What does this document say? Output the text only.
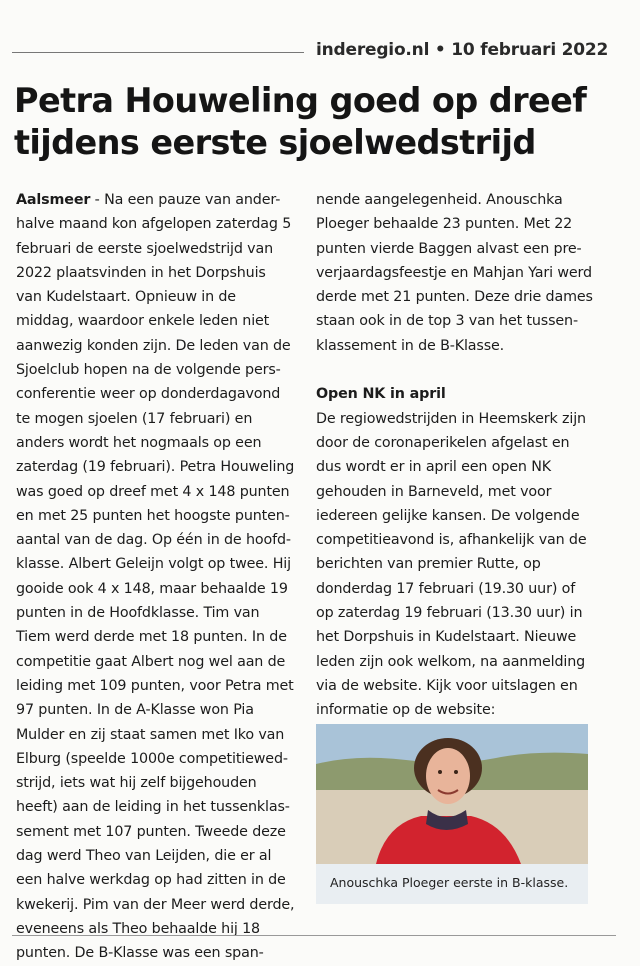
inderegio.nl • 10 februari 2022
Petra Houweling goed op dreef
tijdens eerste sjoelwedstrijd
Aalsmeer - Na een pauze van ander-
halve maand kon afgelopen zaterdag 5
februari de eerste sjoelwedstrijd van
2022 plaatsvinden in het Dorpshuis
van Kudelstaart. Opnieuw in de
middag, waardoor enkele leden niet
aanwezig konden zijn. De leden van de
Sjoelclub hopen na de volgende pers-
conferentie weer op donderdagavond
te mogen sjoelen (17 februari) en
anders wordt het nogmaals op een
zaterdag (19 februari). Petra Houweling
was goed op dreef met 4 x 148 punten
en met 25 punten het hoogste punten-
aantal van de dag. Op één in de hoofd-
klasse. Albert Geleijn volgt op twee. Hij
gooide ook 4 x 148, maar behaalde 19
punten in de Hoofdklasse. Tim van
Tiem werd derde met 18 punten. In de
competitie gaat Albert nog wel aan de
leiding met 109 punten, voor Petra met
97 punten. In de A-Klasse won Pia
Mulder en zij staat samen met Iko van
Elburg (speelde 1000e competitiewed-
strijd, iets wat hij zelf bijgehouden
heeft) aan de leiding in het tussenklas-
sement met 107 punten. Tweede deze
dag werd Theo van Leijden, die er al
een halve werkdag op had zitten in de
kwekerij. Pim van der Meer werd derde,
eveneens als Theo behaalde hij 18
punten. De B-Klasse was een span-
nende aangelegenheid. Anouschka
Ploeger behaalde 23 punten. Met 22
punten vierde Baggen alvast een pre-
verjaardagsfeestje en Mahjan Yari werd
derde met 21 punten. Deze drie dames
staan ook in de top 3 van het tussen-
klassement in de B-Klasse.
Open NK in april
De regiowedstrijden in Heemskerk zijn
door de coronaperikelen afgelast en
dus wordt er in april een open NK
gehouden in Barneveld, met voor
iedereen gelijke kansen. De volgende
competitieavond is, afhankelijk van de
berichten van premier Rutte, op
donderdag 17 februari (19.30 uur) of
op zaterdag 19 februari (13.30 uur) in
het Dorpshuis in Kudelstaart. Nieuwe
leden zijn ook welkom, na aanmelding
via de website. Kijk voor uitslagen en
informatie op de website:
Anouschka Ploeger eerste in B-klasse.
